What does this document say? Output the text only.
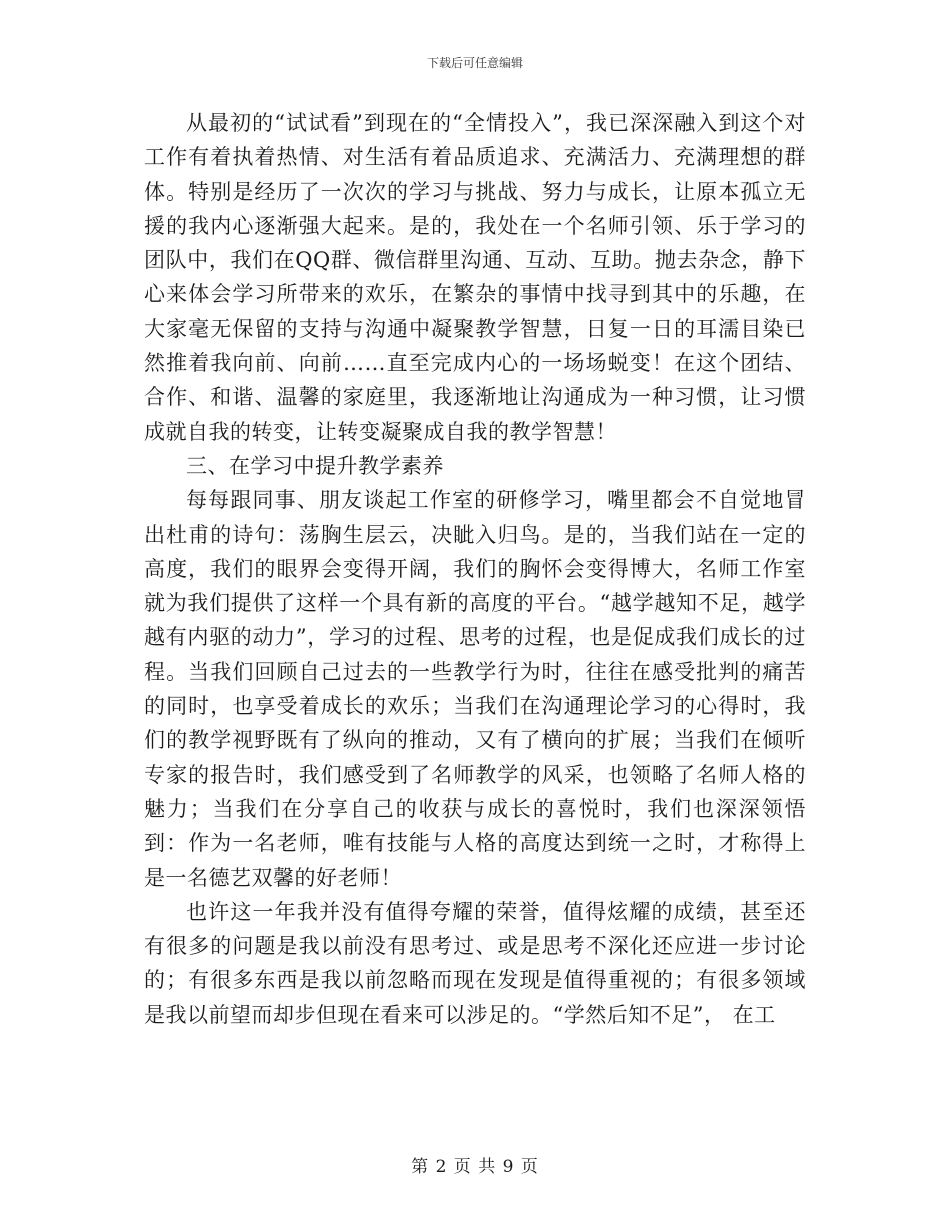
下载后可任意编辑

从最初的“试试看”到现在的“全情投入”，我已深深融入到这个对工作有着执着热情、对生活有着品质追求、充满活力、充满理想的群体。特别是经历了一次次的学习与挑战、努力与成长，让原本孤立无援的我内心逐渐强大起来。是的，我处在一个名师引领、乐于学习的团队中，我们在QQ群、微信群里沟通、互动、互助。抛去杂念，静下心来体会学习所带来的欢乐，在繁杂的事情中找寻到其中的乐趣，在大家毫无保留的支持与沟通中凝聚教学智慧，日复一日的耳濡目染已然推着我向前、向前……直至完成内心的一场场蜕变！在这个团结、合作、和谐、温馨的家庭里，我逐渐地让沟通成为一种习惯，让习惯成就自我的转变，让转变凝聚成自我的教学智慧！

三、在学习中提升教学素养

每每跟同事、朋友谈起工作室的研修学习，嘴里都会不自觉地冒出杜甫的诗句：荡胸生层云，决眦入归鸟。是的，当我们站在一定的高度，我们的眼界会变得开阔，我们的胸怀会变得博大，名师工作室就为我们提供了这样一个具有新的高度的平台。“越学越知不足，越学越有内驱的动力”，学习的过程、思考的过程，也是促成我们成长的过程。当我们回顾自己过去的一些教学行为时，往往在感受批判的痛苦的同时，也享受着成长的欢乐；当我们在沟通理论学习的心得时，我们的教学视野既有了纵向的推动，又有了横向的扩展；当我们在倾听专家的报告时，我们感受到了名师教学的风采，也领略了名师人格的魅力；当我们在分享自己的收获与成长的喜悦时，我们也深深领悟到：作为一名老师，唯有技能与人格的高度达到统一之时，才称得上是一名德艺双馨的好老师！

也许这一年我并没有值得夸耀的荣誉，值得炫耀的成绩，甚至还有很多的问题是我以前没有思考过、或是思考不深化还应进一步讨论的；有很多东西是我以前忽略而现在发现是值得重视的；有很多领域是我以前望而却步但现在看来可以涉足的。“学然后知不足”， 在工

第 2 页 共 9 页
